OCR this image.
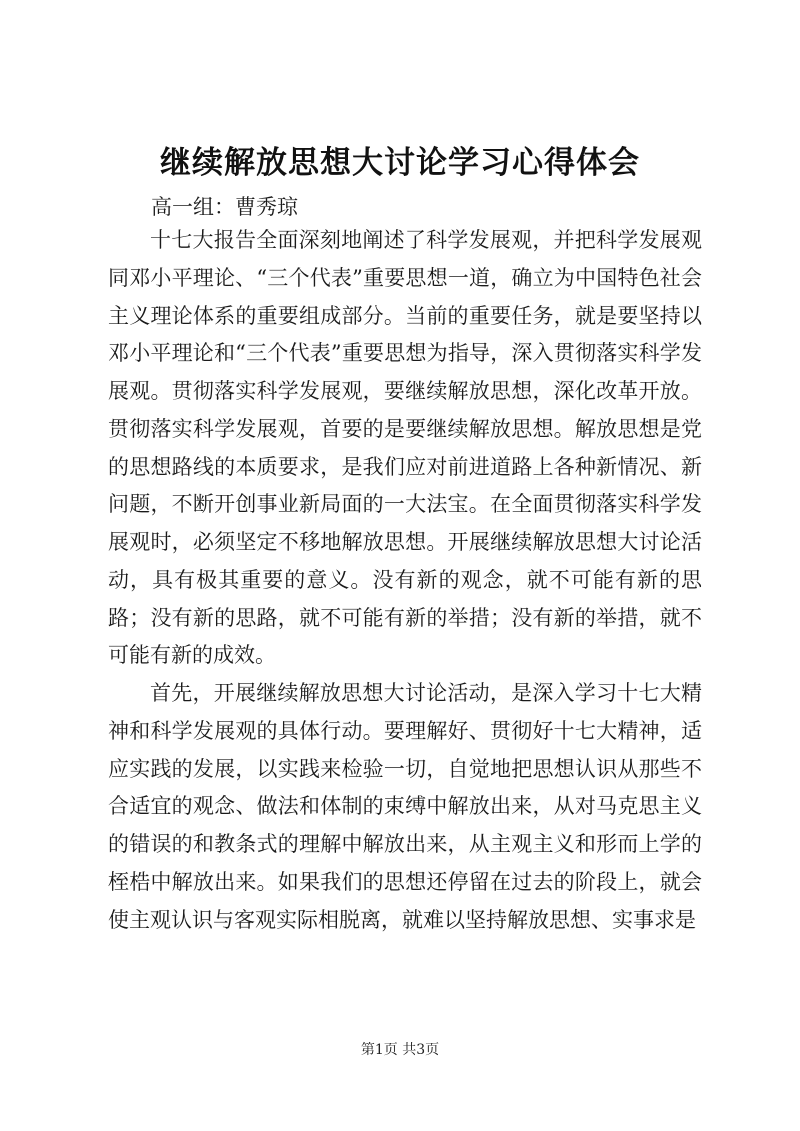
继续解放思想大讨论学习心得体会
高一组：曹秀琼

十七大报告全面深刻地阐述了科学发展观，并把科学发展观同邓小平理论、“三个代表”重要思想一道，确立为中国特色社会主义理论体系的重要组成部分。当前的重要任务，就是要坚持以邓小平理论和“三个代表”重要思想为指导，深入贯彻落实科学发展观。贯彻落实科学发展观，要继续解放思想，深化改革开放。贯彻落实科学发展观，首要的是要继续解放思想。解放思想是党的思想路线的本质要求，是我们应对前进道路上各种新情况、新问题，不断开创事业新局面的一大法宝。在全面贯彻落实科学发展观时，必须坚定不移地解放思想。开展继续解放思想大讨论活动，具有极其重要的意义。没有新的观念，就不可能有新的思路；没有新的思路，就不可能有新的举措；没有新的举措，就不可能有新的成效。

首先，开展继续解放思想大讨论活动，是深入学习十七大精神和科学发展观的具体行动。要理解好、贯彻好十七大精神，适应实践的发展，以实践来检验一切，自觉地把思想认识从那些不合适宜的观念、做法和体制的束缚中解放出来，从对马克思主义的错误的和教条式的理解中解放出来，从主观主义和形而上学的桎梏中解放出来。如果我们的思想还停留在过去的阶段上，就会使主观认识与客观实际相脱离，就难以坚持解放思想、实事求是

第1页 共3页
